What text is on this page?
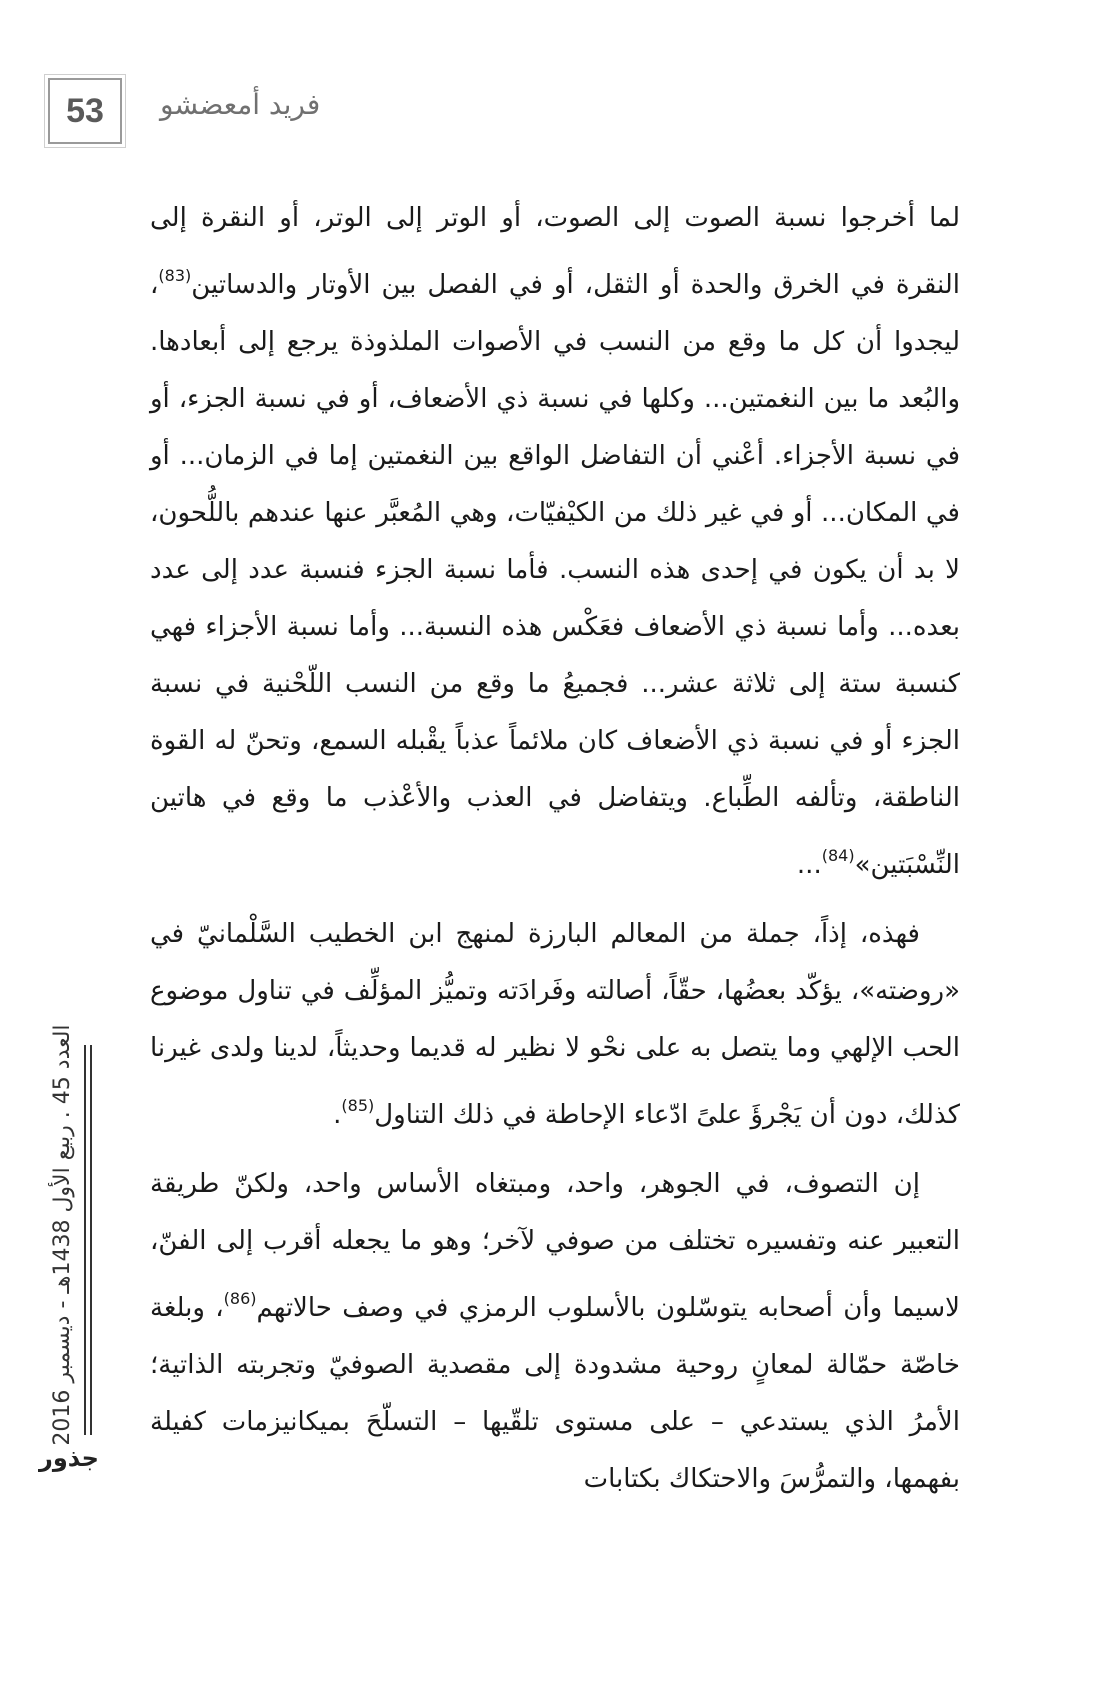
53	فريد أمعضشو

لما أخرجوا نسبة الصوت إلى الصوت، أو الوتر إلى الوتر، أو النقرة إلى النقرة في الخرق والحدة أو الثقل، أو في الفصل بين الأوتار والدساتين$^{(83)}$، ليجدوا أن كل ما وقع من النسب في الأصوات الملذوذة يرجع إلى أبعادها. والبُعد ما بين النغمتين... وكلها في نسبة ذي الأضعاف، أو في نسبة الجزء، أو في نسبة الأجزاء. أعْني أن التفاضل الواقع بين النغمتين إما في الزمان... أو في المكان... أو في غير ذلك من الكيْفيّات، وهي المُعبَّر عنها عندهم باللُّحون، لا بد أن يكون في إحدى هذه النسب. فأما نسبة الجزء فنسبة عدد إلى عدد بعده... وأما نسبة ذي الأضعاف فعَكْس هذه النسبة... وأما نسبة الأجزاء فهي كنسبة ستة إلى ثلاثة عشر... فجميعُ ما وقع من النسب اللّحْنية في نسبة الجزء أو في نسبة ذي الأضعاف كان ملائماً عذباً يقْبله السمع، وتحنّ له القوة الناطقة، وتألفه الطِّباع. ويتفاضل في العذب والأعْذب ما وقع في هاتين النِّسْبَتين»$^{(84)}$...

فهذه، إذاً، جملة من المعالم البارزة لمنهج ابن الخطيب السَّلْمانيّ في «روضته»، يؤكّد بعضُها، حقّاً، أصالته وفَرادَته وتميُّز المؤلِّف في تناول موضوع الحب الإلهي وما يتصل به على نحْو لا نظير له قديما وحديثاً، لدينا ولدى غيرنا كذلك، دون أن يَجْرؤَ علىً ادّعاء الإحاطة في ذلك التناول$^{(85)}$.

إن التصوف، في الجوهر، واحد، ومبتغاه الأساس واحد، ولكنّ طريقة التعبير عنه وتفسيره تختلف من صوفي لآخر؛ وهو ما يجعله أقرب إلى الفنّ، لاسيما وأن أصحابه يتوسّلون بالأسلوب الرمزي في وصف حالاتهم$^{(86)}$، وبلغة خاصّة حمّالة لمعانٍ روحية مشدودة إلى مقصدية الصوفيّ وتجربته الذاتية؛ الأمرُ الذي يستدعي – على مستوى تلقّيها – التسلّحَ بميكانيزمات كفيلة بفهمها، والتمرُّسَ والاحتكاك بكتابات

العدد 45 . ربيع الأول 1438هـ - ديسمبر 2016
جذور
